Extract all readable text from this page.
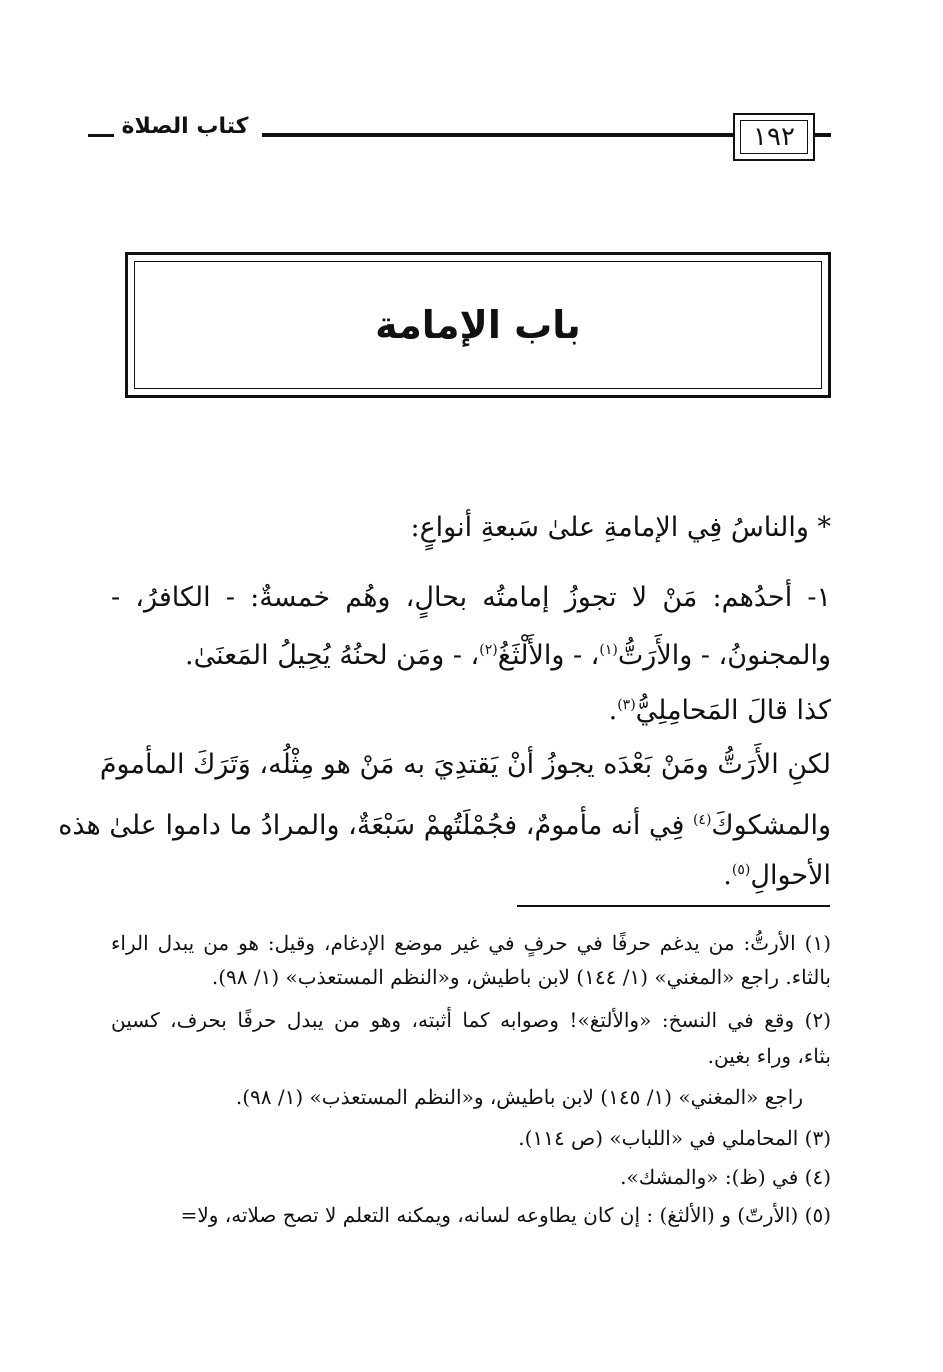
١٩٢
كتاب الصلاة
باب الإمامة
* والناسُ فِي الإمامةِ علىٰ سَبعةِ أنواعٍ:
١- أحدُهم: مَنْ لا تجوزُ إمامتُه بحالٍ، وهُم خمسةٌ: - الكافرُ، -
والمجنونُ، - والأَرَتُّ$^{(١)}$، - والأَلْثَغُ$^{(٢)}$، - ومَن لحنُهُ يُحِيلُ المَعنَىٰ.
كذا قالَ المَحامِلِيُّ$^{(٣)}$.
لكنِ الأَرَتُّ ومَنْ بَعْدَه يجوزُ أنْ يَقتدِيَ به مَنْ هو مِثْلُه، وَتَرَكَ المأمومَ
والمشكوكَ$^{(٤)}$ فِي أنه مأمومٌ، فجُمْلَتُهمْ سَبْعَةٌ، والمرادُ ما داموا علىٰ هذه
الأحوالِ$^{(٥)}$.
(١) الأرتُّ: من يدغم حرفًا في حرفٍ في غير موضع الإدغام، وقيل: هو من يبدل الراء
بالثاء. راجع «المغني» (١/ ١٤٤) لابن باطيش، و«النظم المستعذب» (١/ ٩٨).
(٢) وقع في النسخ: «والألتغ»! وصوابه كما أثبته، وهو من يبدل حرفًا بحرف، كسين
بثاء، وراء بغين.
راجع «المغني» (١/ ١٤٥) لابن باطيش، و«النظم المستعذب» (١/ ٩٨).
(٣) المحاملي في «اللباب» (ص ١١٤).
(٤) في (ظ): «والمشك».
(٥) (الأرتّ) و (الألثغ) : إن كان يطاوعه لسانه، ويمكنه التعلم لا تصح صلاته، ولا=
